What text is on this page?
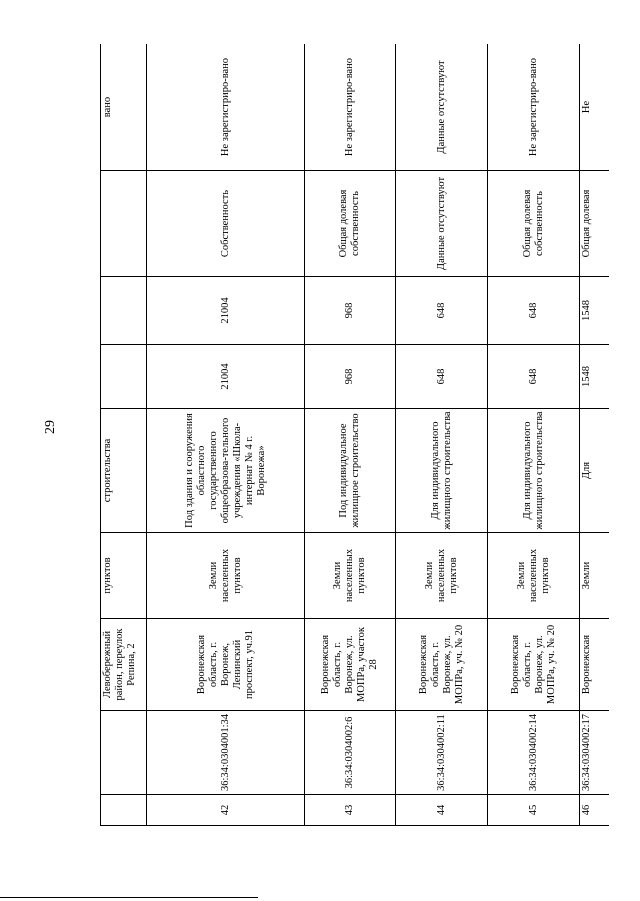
29
		Левобережный район, переулок Репина, 2	пунктов	строительства				вано
42	36:34:0304001:34	Воронежская область, г. Воронеж, Ленинский проспект, уч.91	Земли населенных пунктов	Под здания и сооружения областного государственного общеобразова-тельного учреждения «Школа-интернат № 4 г. Воронежа»	21004	21004	Собственность	Не зарегистриро-вано
43	36:34:0304002:6	Воронежская область, г. Воронеж, ул. МОПРа, участок 28	Земли населенных пунктов	Под индивидуальное жилищное строительство	968	968	Общая долевая собственность	Не зарегистриро-вано
44	36:34:0304002:11	Воронежская область, г. Воронеж, ул. МОПРа, уч. № 20	Земли населенных пунктов	Для индивидуального жилищного строительства	648	648	Данные отсутствуют	Данные отсутствуют
45	36:34:0304002:14	Воронежская область, г. Воронеж, ул. МОПРа, уч. № 20	Земли населенных пунктов	Для индивидуального жилищного строительства	648	648	Общая долевая собственность	Не зарегистриро-вано
46	36:34:0304002:17	Воронежская	Земли	Для	1548	1548	Общая долевая	Не
